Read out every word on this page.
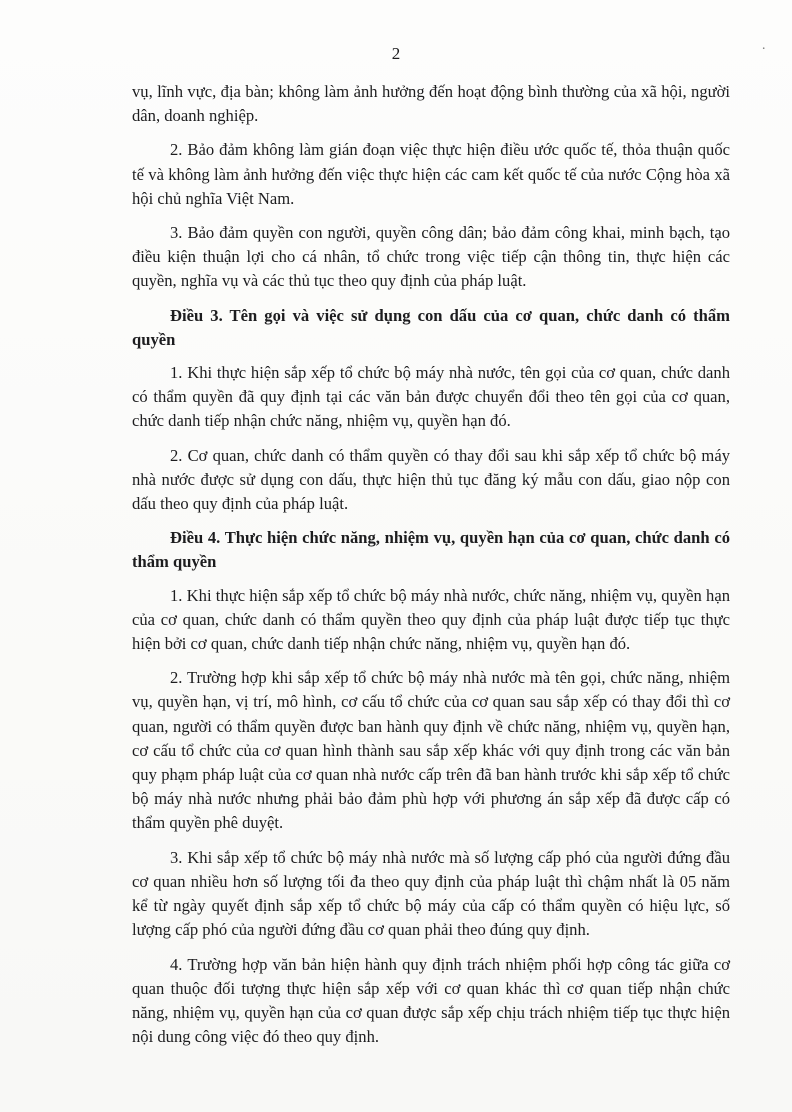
2	·

vụ, lĩnh vực, địa bàn; không làm ảnh hưởng đến hoạt động bình thường của xã hội, người dân, doanh nghiệp.

2. Bảo đảm không làm gián đoạn việc thực hiện điều ước quốc tế, thỏa thuận quốc tế và không làm ảnh hưởng đến việc thực hiện các cam kết quốc tế của nước Cộng hòa xã hội chủ nghĩa Việt Nam.

3. Bảo đảm quyền con người, quyền công dân; bảo đảm công khai, minh bạch, tạo điều kiện thuận lợi cho cá nhân, tổ chức trong việc tiếp cận thông tin, thực hiện các quyền, nghĩa vụ và các thủ tục theo quy định của pháp luật.

Điều 3. Tên gọi và việc sử dụng con dấu của cơ quan, chức danh có thẩm quyền

1. Khi thực hiện sắp xếp tổ chức bộ máy nhà nước, tên gọi của cơ quan, chức danh có thẩm quyền đã quy định tại các văn bản được chuyển đổi theo tên gọi của cơ quan, chức danh tiếp nhận chức năng, nhiệm vụ, quyền hạn đó.

2. Cơ quan, chức danh có thẩm quyền có thay đổi sau khi sắp xếp tổ chức bộ máy nhà nước được sử dụng con dấu, thực hiện thủ tục đăng ký mẫu con dấu, giao nộp con dấu theo quy định của pháp luật.

Điều 4. Thực hiện chức năng, nhiệm vụ, quyền hạn của cơ quan, chức danh có thẩm quyền

1. Khi thực hiện sắp xếp tổ chức bộ máy nhà nước, chức năng, nhiệm vụ, quyền hạn của cơ quan, chức danh có thẩm quyền theo quy định của pháp luật được tiếp tục thực hiện bởi cơ quan, chức danh tiếp nhận chức năng, nhiệm vụ, quyền hạn đó.

2. Trường hợp khi sắp xếp tổ chức bộ máy nhà nước mà tên gọi, chức năng, nhiệm vụ, quyền hạn, vị trí, mô hình, cơ cấu tổ chức của cơ quan sau sắp xếp có thay đổi thì cơ quan, người có thẩm quyền được ban hành quy định về chức năng, nhiệm vụ, quyền hạn, cơ cấu tổ chức của cơ quan hình thành sau sắp xếp khác với quy định trong các văn bản quy phạm pháp luật của cơ quan nhà nước cấp trên đã ban hành trước khi sắp xếp tổ chức bộ máy nhà nước nhưng phải bảo đảm phù hợp với phương án sắp xếp đã được cấp có thẩm quyền phê duyệt.

3. Khi sắp xếp tổ chức bộ máy nhà nước mà số lượng cấp phó của người đứng đầu cơ quan nhiều hơn số lượng tối đa theo quy định của pháp luật thì chậm nhất là 05 năm kể từ ngày quyết định sắp xếp tổ chức bộ máy của cấp có thẩm quyền có hiệu lực, số lượng cấp phó của người đứng đầu cơ quan phải theo đúng quy định.

4. Trường hợp văn bản hiện hành quy định trách nhiệm phối hợp công tác giữa cơ quan thuộc đối tượng thực hiện sắp xếp với cơ quan khác thì cơ quan tiếp nhận chức năng, nhiệm vụ, quyền hạn của cơ quan được sắp xếp chịu trách nhiệm tiếp tục thực hiện nội dung công việc đó theo quy định.
